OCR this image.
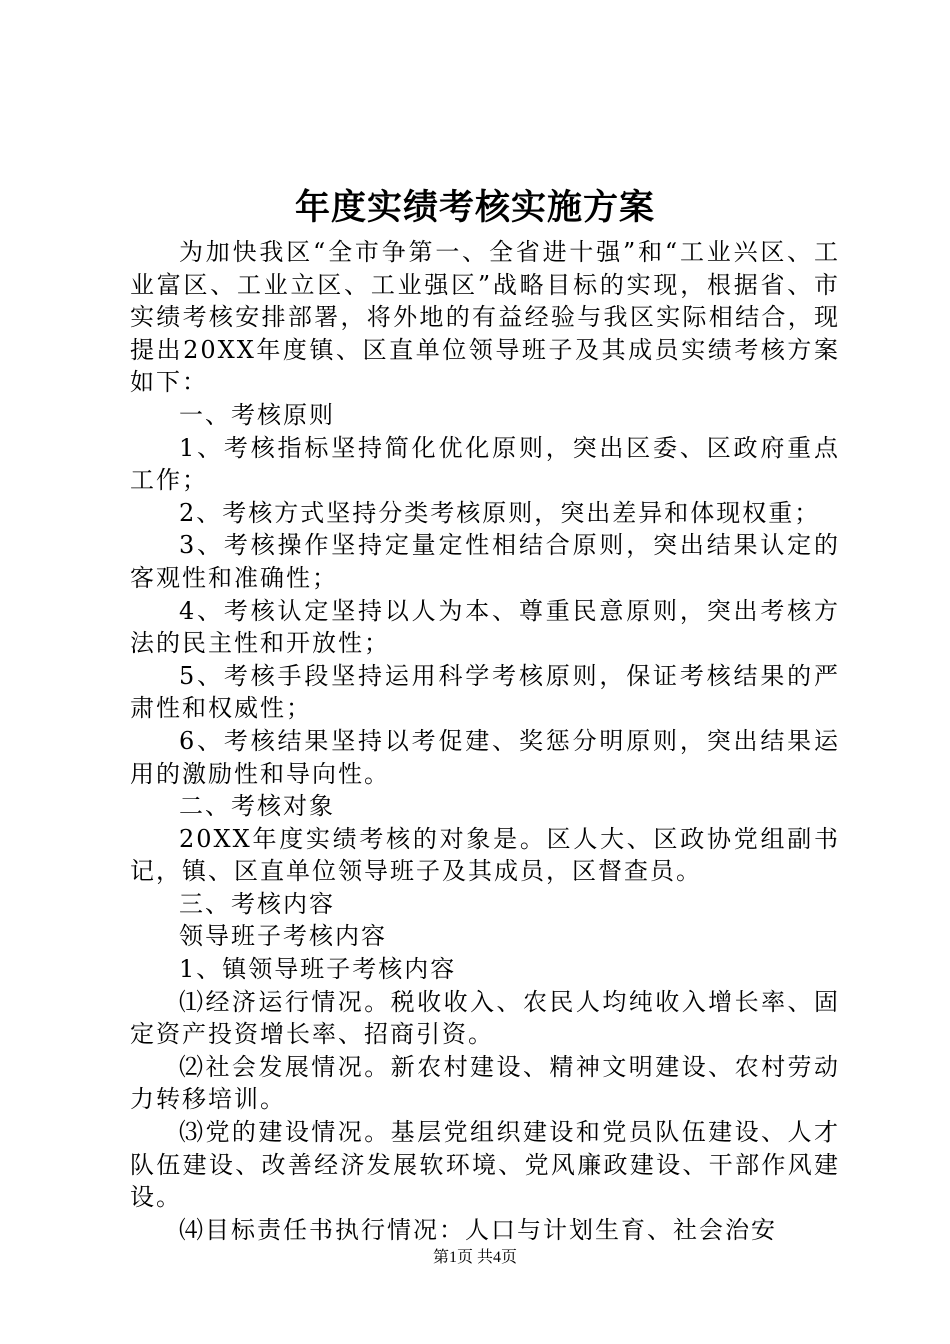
年度实绩考核实施方案

为加快我区“全市争第一、全省进十强”和“工业兴区、工业富区、工业立区、工业强区”战略目标的实现，根据省、市实绩考核安排部署，将外地的有益经验与我区实际相结合，现提出20XX年度镇、区直单位领导班子及其成员实绩考核方案如下：

一、考核原则

1、考核指标坚持简化优化原则，突出区委、区政府重点工作；

2、考核方式坚持分类考核原则，突出差异和体现权重；

3、考核操作坚持定量定性相结合原则，突出结果认定的客观性和准确性；

4、考核认定坚持以人为本、尊重民意原则，突出考核方法的民主性和开放性；

5、考核手段坚持运用科学考核原则，保证考核结果的严肃性和权威性；

6、考核结果坚持以考促建、奖惩分明原则，突出结果运用的激励性和导向性。

二、考核对象

20XX年度实绩考核的对象是。区人大、区政协党组副书记，镇、区直单位领导班子及其成员，区督查员。

三、考核内容

领导班子考核内容

1、镇领导班子考核内容

⑴经济运行情况。税收收入、农民人均纯收入增长率、固定资产投资增长率、招商引资。

⑵社会发展情况。新农村建设、精神文明建设、农村劳动力转移培训。

⑶党的建设情况。基层党组织建设和党员队伍建设、人才队伍建设、改善经济发展软环境、党风廉政建设、干部作风建设。

⑷目标责任书执行情况：人口与计划生育、社会治安

第1页 共4页
